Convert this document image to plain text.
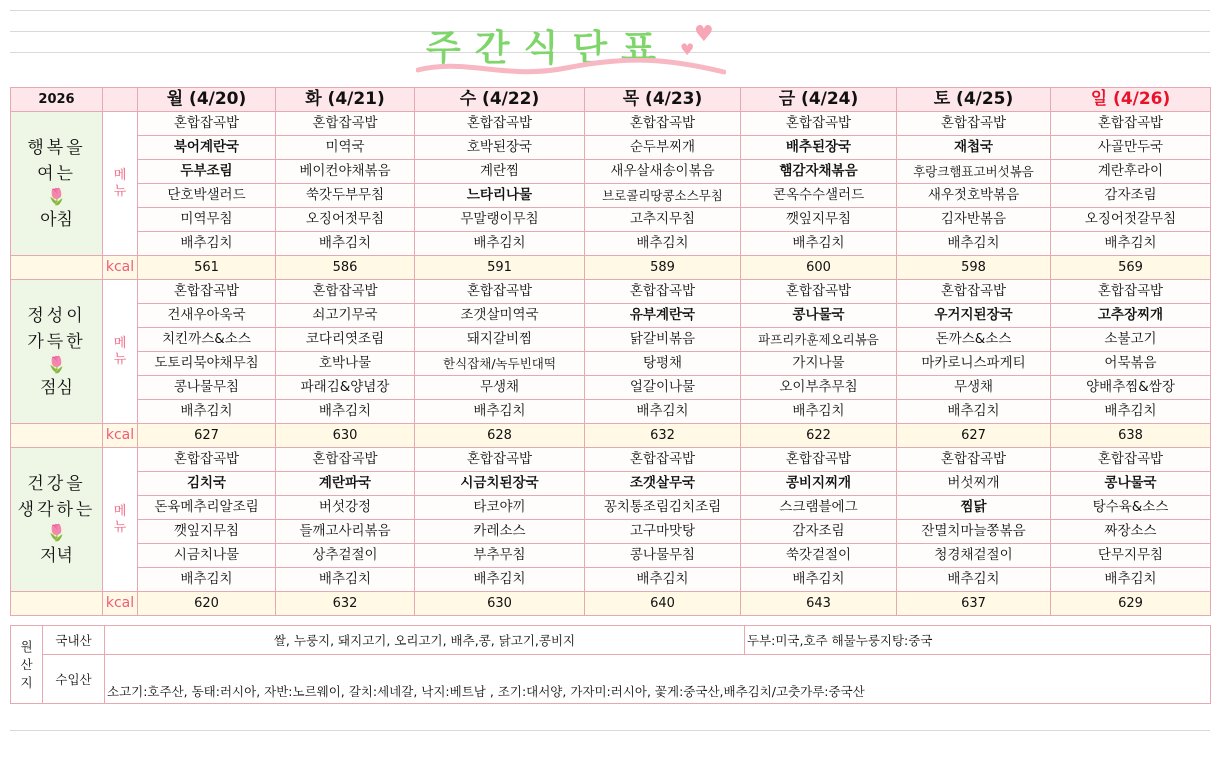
주간식단표 ♥
♥
2026		월 (4/20)	화 (4/21)	수 (4/22)	목 (4/23)	금 (4/24)	토 (4/25)	일 (4/26)

행복을
여는
🌷
아침	메뉴	혼합잡곡밥	혼합잡곡밥	혼합잡곡밥	혼합잡곡밥	혼합잡곡밥	혼합잡곡밥	혼합잡곡밥
		북어계란국	미역국	호박된장국	순두부찌개	배추된장국	재첩국	사골만두국
		두부조림	베이컨야채볶음	계란찜	새우살새송이볶음	햄감자채볶음	후랑크햄표고버섯볶음	계란후라이
		단호박샐러드	쑥갓두부무침	느타리나물	브로콜리땅콩소스무침	콘옥수수샐러드	새우젓호박볶음	감자조림
		미역무침	오징어젓무침	무말랭이무침	고추지무침	깻잎지무침	김자반볶음	오징어젓갈무침
		배추김치	배추김치	배추김치	배추김치	배추김치	배추김치	배추김치
	kcal	561	586	591	589	600	598	569

정성이
가득한
🌷
점심	메뉴	혼합잡곡밥	혼합잡곡밥	혼합잡곡밥	혼합잡곡밥	혼합잡곡밥	혼합잡곡밥	혼합잡곡밥
		건새우아욱국	쇠고기무국	조갯살미역국	유부계란국	콩나물국	우거지된장국	고추장찌개
		치킨까스&소스	코다리엿조림	돼지갈비찜	닭갈비볶음	파프리카훈제오리볶음	돈까스&소스	소불고기
		도토리묵야채무침	호박나물	한식잡채/녹두빈대떡	탕평채	가지나물	마카로니스파게티	어묵볶음
		콩나물무침	파래김&양념장	무생채	얼갈이나물	오이부추무침	무생채	양배추찜&쌈장
		배추김치	배추김치	배추김치	배추김치	배추김치	배추김치	배추김치
	kcal	627	630	628	632	622	627	638

건강을
생각하는
🌷
저녁	메뉴	혼합잡곡밥	혼합잡곡밥	혼합잡곡밥	혼합잡곡밥	혼합잡곡밥	혼합잡곡밥	혼합잡곡밥
		김치국	계란파국	시금치된장국	조갯살무국	콩비지찌개	버섯찌개	콩나물국
		돈육메추리알조림	버섯강정	타코야끼	꽁치통조림김치조림	스크램블에그	찜닭	탕수육&소스
		깻잎지무침	들깨고사리볶음	카레소스	고구마맛탕	감자조림	잔멸치마늘쫑볶음	짜장소스
		시금치나물	상추겉절이	부추무침	콩나물무침	쑥갓겉절이	청경채겉절이	단무지무침
		배추김치	배추김치	배추김치	배추김치	배추김치	배추김치	배추김치
	kcal	620	632	630	640	643	637	629
원산지	국내산	쌀, 누룽지, 돼지고기, 오리고기, 배추,콩, 닭고기,콩비지	두부:미국,호주 해물누룽지탕:중국
	수입산	소고기:호주산, 동태:러시아, 자반:노르웨이, 갈치:세네갈, 낙지:베트남 , 조기:대서양, 가자미:러시아, 꽃게:중국산,배추김치/고춧가루:중국산	
